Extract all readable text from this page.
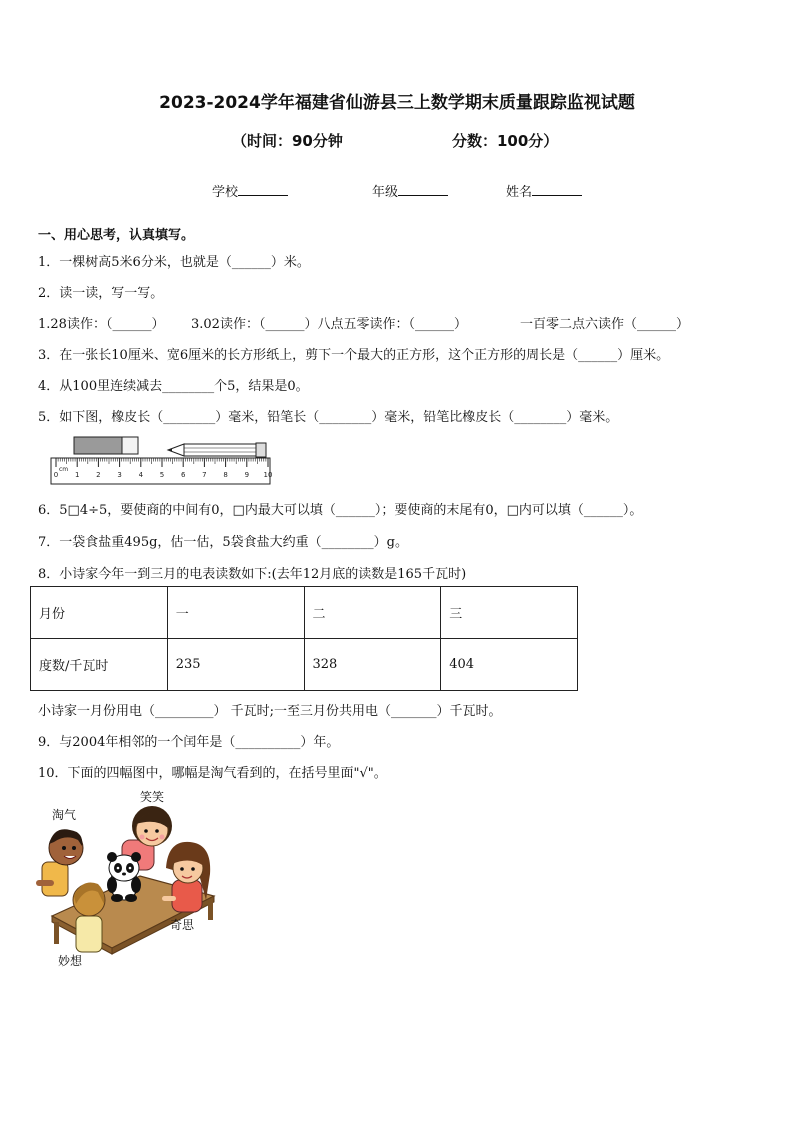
2023-2024学年福建省仙游县三上数学期末质量跟踪监视试题
（时间：90分钟	分数：100分）
学校	年级	姓名
一、用心思考，认真填写。
1．一棵树高5米6分米，也就是（______）米。
2．读一读，写一写。
1.28读作：（______） 3.02读作：（______）八点五零读作：（______）	一百零二点六读作（______）
3．在一张长10厘米、宽6厘米的长方形纸上，剪下一个最大的正方形，这个正方形的周长是（______）厘米。
4．从100里连续减去________个5，结果是0。
5．如下图，橡皮长（________）毫米，铅笔长（________）毫米，铅笔比橡皮长（________）毫米。
0 1 2 3 4 5 6 7 8 9 10
cm
6．5□4÷5，要使商的中间有0，□内最大可以填（______）；要使商的末尾有0，□内可以填（______）。
7．一袋食盐重495g，估一估，5袋食盐大约重（________）g。
8．小诗家今年一到三月的电表读数如下:(去年12月底的读数是165千瓦时)
月份	一	二	三
度数/千瓦时	235	328	404
小诗家一月份用电（_________） 千瓦时;一至三月份共用电（_______）千瓦时。
9．与2004年相邻的一个闰年是（__________）年。
10．下面的四幅图中，哪幅是淘气看到的，在括号里面"√"。
淘气
笑笑
奇思
妙想
